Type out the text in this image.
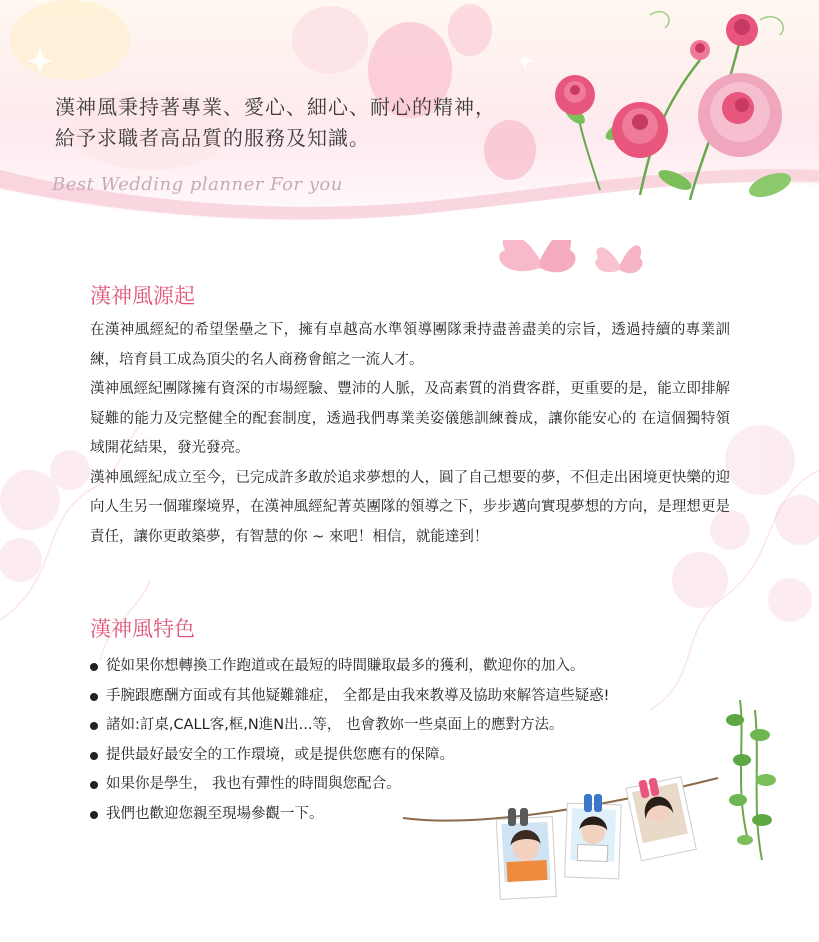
漢神風秉持著專業、愛心、細心、耐心的精神，
給予求職者高品質的服務及知識。

Best Wedding planner For you

漢神風源起

在漢神風經紀的希望堡壘之下，擁有卓越高水準領導團隊秉持盡善盡美的宗旨，透過持續的專業訓練，培育員工成為頂尖的名人商務會館之一流人才。

漢神風經紀團隊擁有資深的市場經驗、豐沛的人脈，及高素質的消費客群，更重要的是，能立即排解疑難的能力及完整健全的配套制度，透過我們專業美姿儀態訓練養成，讓你能安心的 在這個獨特領域開花結果，發光發亮。

漢神風經紀成立至今，已完成許多敢於追求夢想的人，圓了自己想要的夢，不但走出困境更快樂的迎向人生另一個璀璨境界，在漢神風經紀菁英團隊的領導之下，步步邁向實現夢想的方向，是理想更是責任，讓你更敢築夢，有智慧的你 ~ 來吧！相信，就能達到！

漢神風特色
從如果你想轉換工作跑道或在最短的時間賺取最多的獲利，歡迎你的加入。
手腕跟應酬方面或有其他疑難雜症， 全都是由我來教導及協助來解答這些疑惑!
諸如:訂桌,CALL客,框,N進N出...等， 也會教妳一些桌面上的應對方法。
提供最好最安全的工作環境，或是提供您應有的保障。
如果你是學生， 我也有彈性的時間與您配合。
我們也歡迎您親至現場參觀一下。
